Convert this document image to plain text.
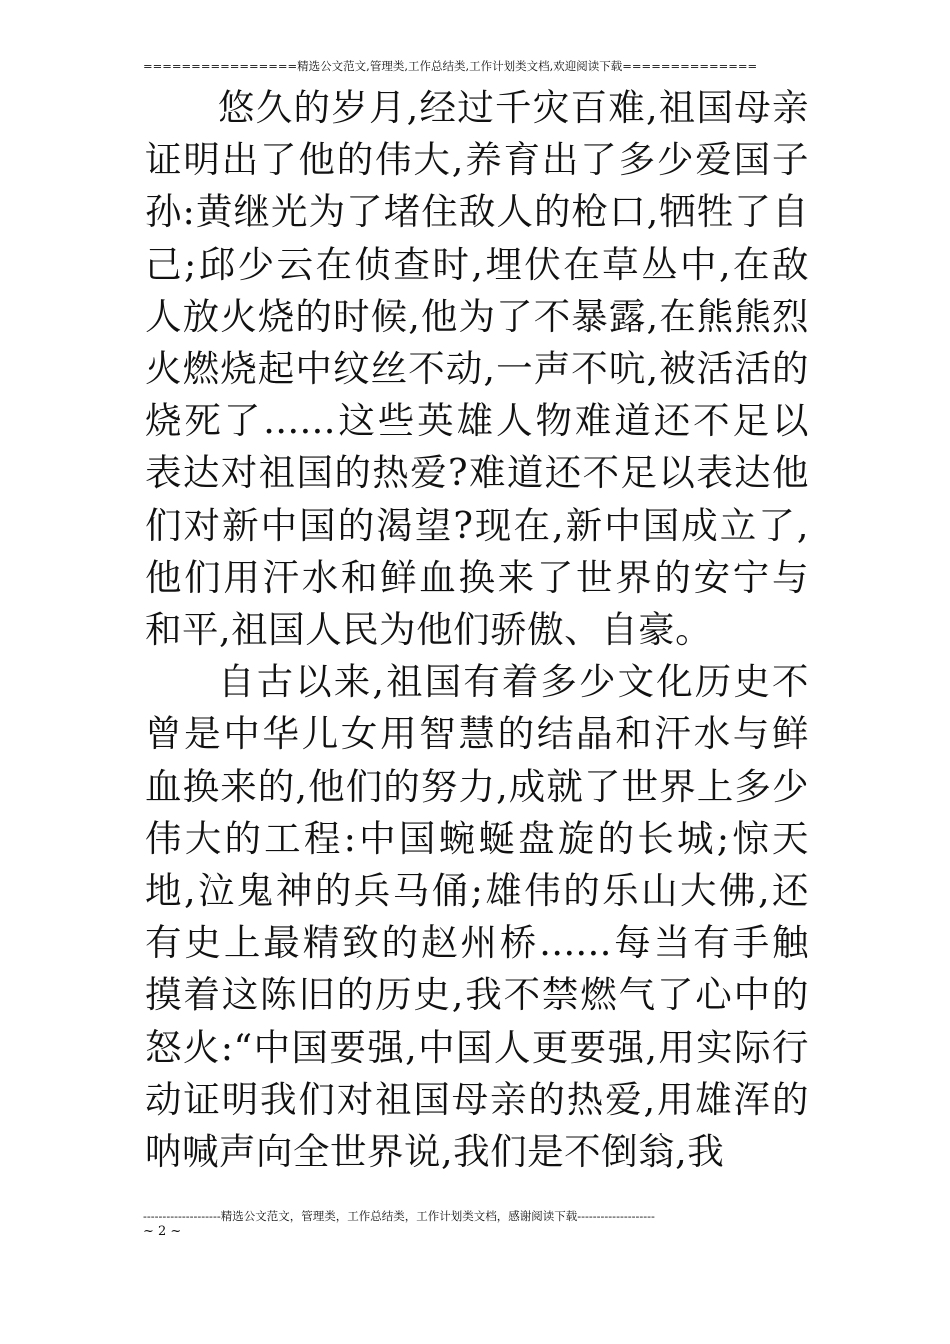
================精选公文范文,管理类,工作总结类,工作计划类文档,欢迎阅读下载==============

悠久的岁月,经过千灾百难,祖国母亲证明出了他的伟大,养育出了多少爱国子孙:黄继光为了堵住敌人的枪口,牺牲了自己;邱少云在侦查时,埋伏在草丛中,在敌人放火烧的时候,他为了不暴露,在熊熊烈火燃烧起中纹丝不动,一声不吭,被活活的烧死了......这些英雄人物难道还不足以表达对祖国的热爱?难道还不足以表达他们对新中国的渴望?现在,新中国成立了,他们用汗水和鲜血换来了世界的安宁与和平,祖国人民为他们骄傲、自豪。

自古以来,祖国有着多少文化历史不曾是中华儿女用智慧的结晶和汗水与鲜血换来的,他们的努力,成就了世界上多少伟大的工程:中国蜿蜒盘旋的长城;惊天地,泣鬼神的兵马俑;雄伟的乐山大佛,还有史上最精致的赵州桥......每当有手触摸着这陈旧的历史,我不禁燃气了心中的怒火:“中国要强,中国人更要强,用实际行动证明我们对祖国母亲的热爱,用雄浑的呐喊声向全世界说,我们是不倒翁,我

--------------------精选公文范文，管理类，工作总结类，工作计划类文档，感谢阅读下载--------------------
~ 2 ~
